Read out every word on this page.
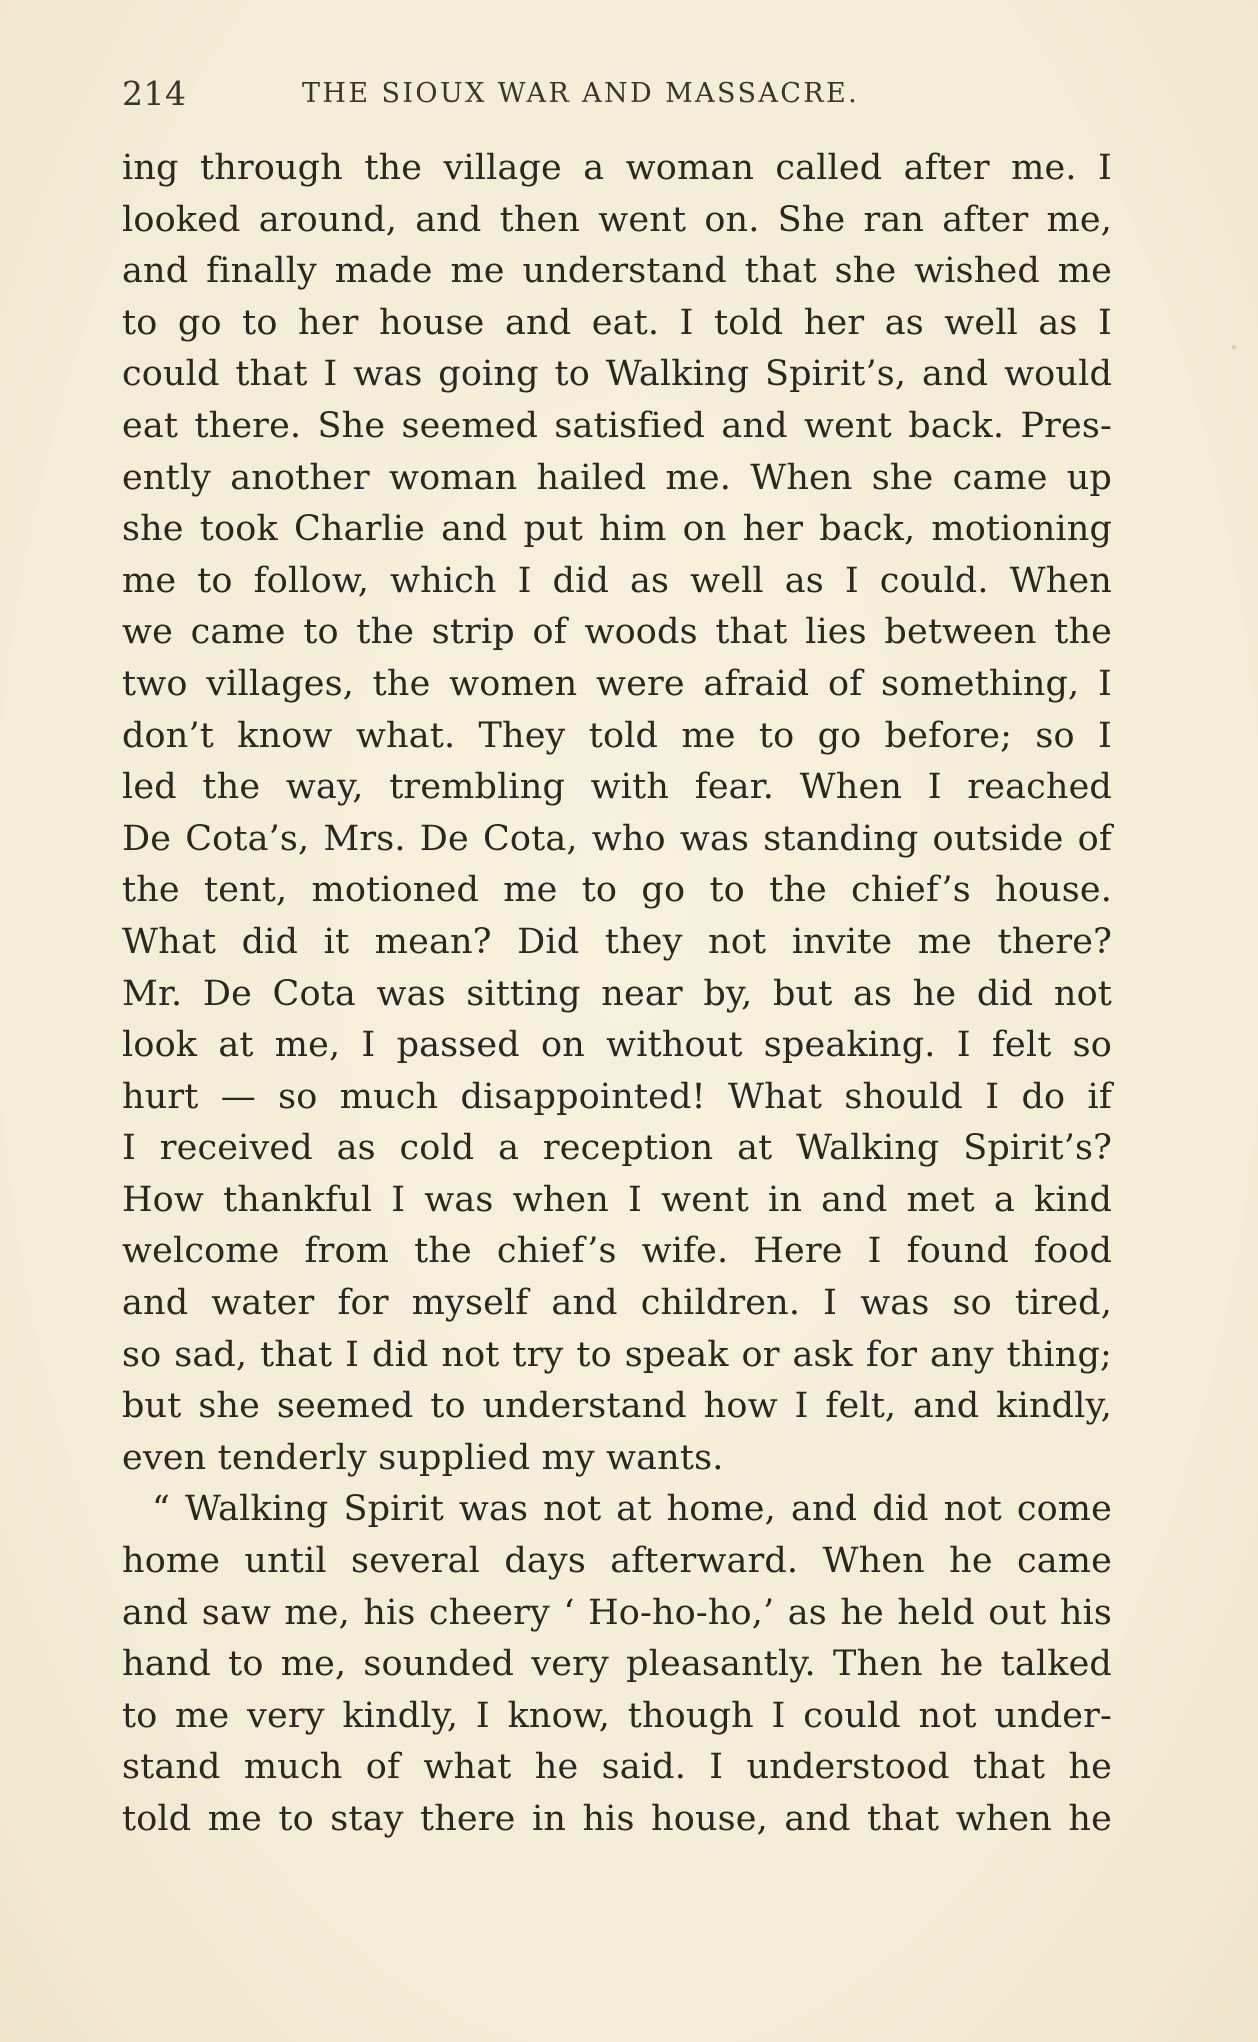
214	THE SIOUX WAR AND MASSACRE.
ing through the village a woman called after me. I
looked around, and then went on. She ran after me,
and finally made me understand that she wished me
to go to her house and eat. I told her as well as I
could that I was going to Walking Spirit’s, and would
eat there. She seemed satisfied and went back. Pres-
ently another woman hailed me. When she came up
she took Charlie and put him on her back, motioning
me to follow, which I did as well as I could. When
we came to the strip of woods that lies between the
two villages, the women were afraid of something, I
don’t know what. They told me to go before; so I
led the way, trembling with fear. When I reached
De Cota’s, Mrs. De Cota, who was standing outside of
the tent, motioned me to go to the chief’s house.
What did it mean? Did they not invite me there?
Mr. De Cota was sitting near by, but as he did not
look at me, I passed on without speaking. I felt so
hurt — so much disappointed! What should I do if
I received as cold a reception at Walking Spirit’s?
How thankful I was when I went in and met a kind
welcome from the chief’s wife. Here I found food
and water for myself and children. I was so tired,
so sad, that I did not try to speak or ask for any thing;
but she seemed to understand how I felt, and kindly,
even tenderly supplied my wants.
“ Walking Spirit was not at home, and did not come
home until several days afterward. When he came
and saw me, his cheery ‘ Ho-ho-ho,’ as he held out his
hand to me, sounded very pleasantly. Then he talked
to me very kindly, I know, though I could not under-
stand much of what he said. I understood that he
told me to stay there in his house, and that when he
